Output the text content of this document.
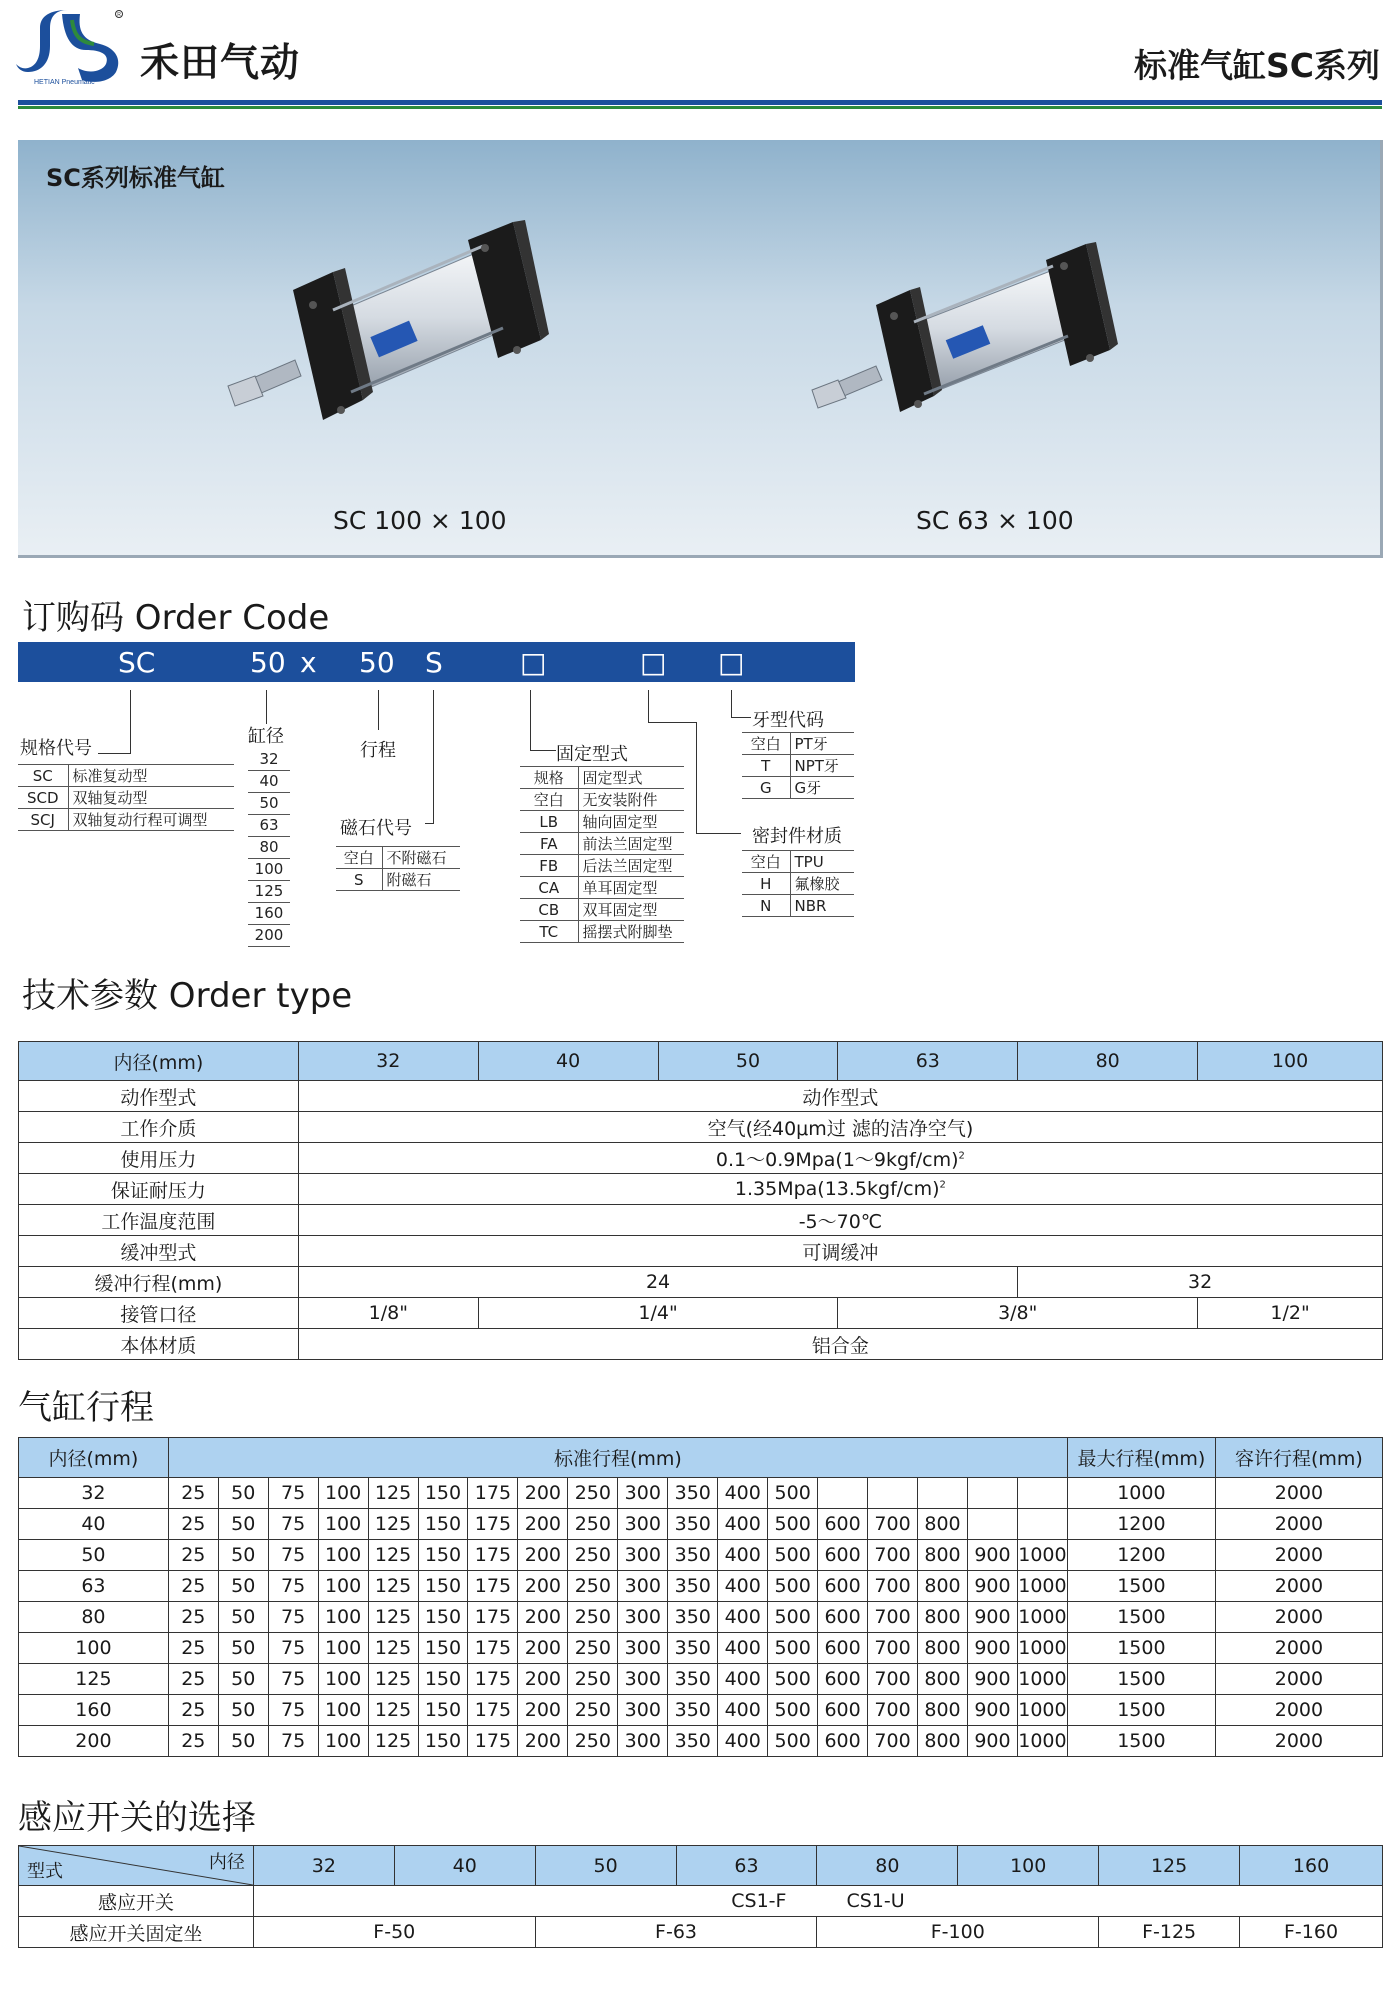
R
HETIAN Pneumatic 禾田气动	标准气缸SC系列
SC系列标准气缸
SC 100 × 100	SC 63 × 100
订购码 Order Code
SC	50 x 50 S	□	□ □
规格代号
SC	标准复动型
SCD	双轴复动型
SCJ	双轴复动行程可调型
缸径
32
40
50
63
80
100
125
160
200
行程
磁石代号
空白	不附磁石
S	附磁石
固定型式
规格	固定型式
空白	无安装附件
LB	轴向固定型
FA	前法兰固定型
FB	后法兰固定型
CA	单耳固定型
CB	双耳固定型
TC	摇摆式附脚垫
牙型代码
空白	PT牙
T	NPT牙
G	G牙
密封件材质
空白	TPU
H	氟橡胶
N	NBR
技术参数 Order type
内径(mm)	32	40	50	63	80	100
动作型式	动作型式					
工作介质	空气(经40μm过 滤的洁净空气)					
使用压力	0.1～0.9Mpa(1～9kgf/cm)$^2$
保证耐压力	$1.35Mpa(13.5kgf/cm)^2$
工作温度范围	-5～70℃					
缓冲型式	可调缓冲					
缓冲行程(mm)	24				32	
接管口径	1/8"	1/4"		3/8"		1/2"
本体材质	铝合金					
气缸行程
内径(mm)	标准行程(mm)																		最大行程(mm)	容许行程(mm)
32	25	50	75	100	125	150	175	200	250	300	350	400	500						1000	2000
40	25	50	75	100	125	150	175	200	250	300	350	400	500	600	700	800			1200	2000
50	25	50	75	100	125	150	175	200	250	300	350	400	500	600	700	800	900	1000	1200	2000
63	25	50	75	100	125	150	175	200	250	300	350	400	500	600	700	800	900	1000	1500	2000
80	25	50	75	100	125	150	175	200	250	300	350	400	500	600	700	800	900	1000	1500	2000
100	25	50	75	100	125	150	175	200	250	300	350	400	500	600	700	800	900	1000	1500	2000
125	25	50	75	100	125	150	175	200	250	300	350	400	500	600	700	800	900	1000	1500	2000
160	25	50	75	100	125	150	175	200	250	300	350	400	500	600	700	800	900	1000	1500	2000
200	25	50	75	100	125	150	175	200	250	300	350	400	500	600	700	800	900	1000	1500	2000
感应开关的选择
内径
型式	32	40	50	63	80	100	125	160
感应开关	CS1-F CS1-U							
感应开关固定坐	F-50		F-63		F-100		F-125	F-160
